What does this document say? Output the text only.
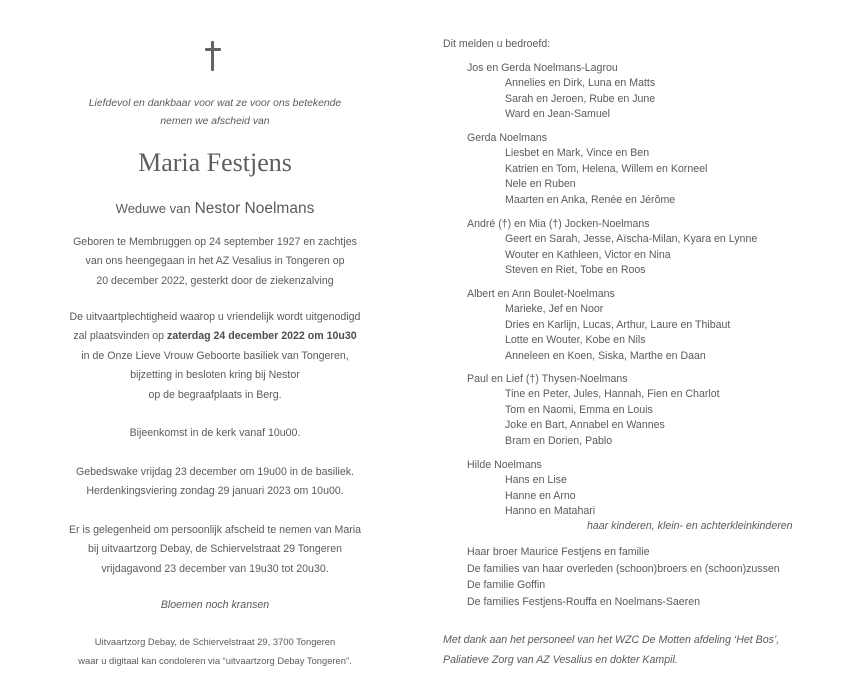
Liefdevol en dankbaar voor wat ze voor ons betekende
nemen we afscheid van
Maria Festjens
Weduwe van Nestor Noelmans
Geboren te Membruggen op 24 september 1927 en zachtjes
van ons heengegaan in het AZ Vesalius in Tongeren op
20 december 2022, gesterkt door de ziekenzalving
De uitvaartplechtigheid waarop u vriendelijk wordt uitgenodigd
zal plaatsvinden op zaterdag 24 december 2022 om 10u30
in de Onze Lieve Vrouw Geboorte basiliek van Tongeren,
bijzetting in besloten kring bij Nestor
op de begraafplaats in Berg.
Bijeenkomst in de kerk vanaf 10u00.
Gebedswake vrijdag 23 december om 19u00 in de basiliek.
Herdenkingsviering zondag 29 januari 2023 om 10u00.
Er is gelegenheid om persoonlijk afscheid te nemen van Maria
bij uitvaartzorg Debay, de Schiervelstraat 29 Tongeren
vrijdagavond 23 december van 19u30 tot 20u30.
Bloemen noch kransen
Uitvaartzorg Debay, de Schiervelstraat 29, 3700 Tongeren
waar u digitaal kan condoleren via “uitvaartzorg Debay Tongeren”.
Dit melden u bedroefd:
Jos en Gerda Noelmans-Lagrou
Annelies en Dirk, Luna en Matts
Sarah en Jeroen, Rube en June
Ward en Jean-Samuel
Gerda Noelmans
Liesbet en Mark, Vince en Ben
Katrien en Tom, Helena, Willem en Korneel
Nele en Ruben
Maarten en Anka, Renée en Jérôme
André (†) en Mia (†) Jocken-Noelmans
Geert en Sarah, Jesse, Aïscha-Milan, Kyara en Lynne
Wouter en Kathleen, Victor en Nina
Steven en Riet, Tobe en Roos
Albert en Ann Boulet-Noelmans
Marieke, Jef en Noor
Dries en Karlijn, Lucas, Arthur, Laure en Thibaut
Lotte en Wouter, Kobe en Nils
Anneleen en Koen, Siska, Marthe en Daan
Paul en Lief (†) Thysen-Noelmans
Tine en Peter, Jules, Hannah, Fien en Charlot
Tom en Naomi, Emma en Louis
Joke en Bart, Annabel en Wannes
Bram en Dorien, Pablo
Hilde Noelmans
Hans en Lise
Hanne en Arno
Hanno en Matahari
haar kinderen, klein- en achterkleinkinderen
Haar broer Maurice Festjens en familie
De families van haar overleden (schoon)broers en (schoon)zussen
De familie Goffin
De families Festjens-Rouffa en Noelmans-Saeren
Met dank aan het personeel van het WZC De Motten afdeling ‘Het Bos’,
Paliatieve Zorg van AZ Vesalius en dokter Kampil.
